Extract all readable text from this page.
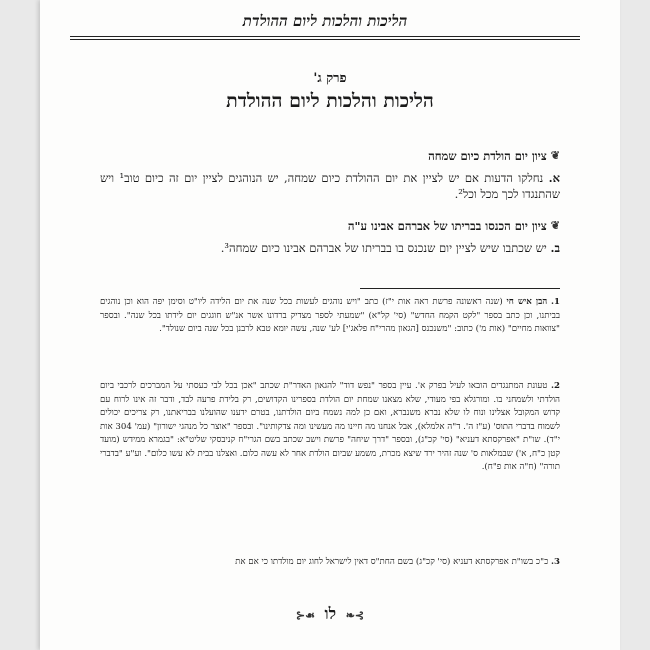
הליכות והלכות ליום ההולדת
פרק ג'
הליכות והלכות ליום ההולדת
❦
ציון יום הולדת כיום שמחה
א. נחלקו הדעות אם יש לציין את יום ההולדת כיום שמחה, יש הנוהגים לציין יום זה כיום טוב¹ ויש שהתנגדו לכך מכל וכל².
❦
ציון יום הכנסו בבריתו של אברהם אבינו ע"ה
ב. יש שכתבו שיש לציין יום שנכנס בו בבריתו של אברהם אבינו כיום שמחה³.
1. הבן איש חי (שנה ראשונה פרשת ראה אות י"ז) כתב "ויש נוהגים לעשות בכל שנה את יום הלידה ליו"ט וסימן יפה הוא וכן נוהגים בביתנו, וכן כתב בספר "לקט הקמח החדש" (סי' קל"א) "שמעתי לספר מצדיק ברדונו אשר אנ"ש חוגגים יום לידתו בכל שנה". ובספר "צוואות מחיים" (אות מ') כתוב: "משנכנס [הגאון מהרי"ח פלאג'י] לע' שנה, עשה יומא טבא לרבנן בכל שנה ביום שנולד".
2. טעונת המתנגדים הובאו לעיל בפרק א'. עיין בספר "נפש דוד" להגאון האדר"ת שכתב "אכן בכל לבי כעסתי על המברכים לרכבי ביום הולדתי ולשמחני בו. ומורגלא בפי מעודי, שלא מצאנו שמחת יום הולדת בספרינו הקדושים, רק בלידת פרעה לבד, ודבר זה אינו לרוח עם קדוש המקובל אצלינו ונוח לו שלא נברא משנברא, ואם כן למה נשמח ביום הולדתנו, בטרם ידענו שהועלנו בבריאתנו, רק צריכים יכולים לשמוח בדברי התוס' (ע"ז ה'. ד"ה אלמלא), אבל אנחנו מה חיינו מה מעשינו ומה צדקותינו". ובספר "אוצר כל מנהגי ישורון" (עמ' 304 אות י"ד). שו"ת "אפרקסתא דעניא" (סי' קכ"ג), ובספר "דרך שיחה" פרשת וישב שכתב בשם הגרי"ח קניבסקי שליט"א: "בגמרא ממידש (מועד קטן כ"ח, א') שבמלאות ס' שנה זהיר ירד שיצא מכרת, משמע שביום הולדת אחר לא עשה כלום. ואצלנו בבית לא עשו כלום". וע"ע "בדברי תורה" (ח"ה אות פ"ח).
3. כ"כ בשו"ת אפרקסתא דעניא (סי' קכ"ג) בשם החת"ס דאין לישראל לחוג יום מולדתו כי אם את
⊱❧ לו ☙⊰
